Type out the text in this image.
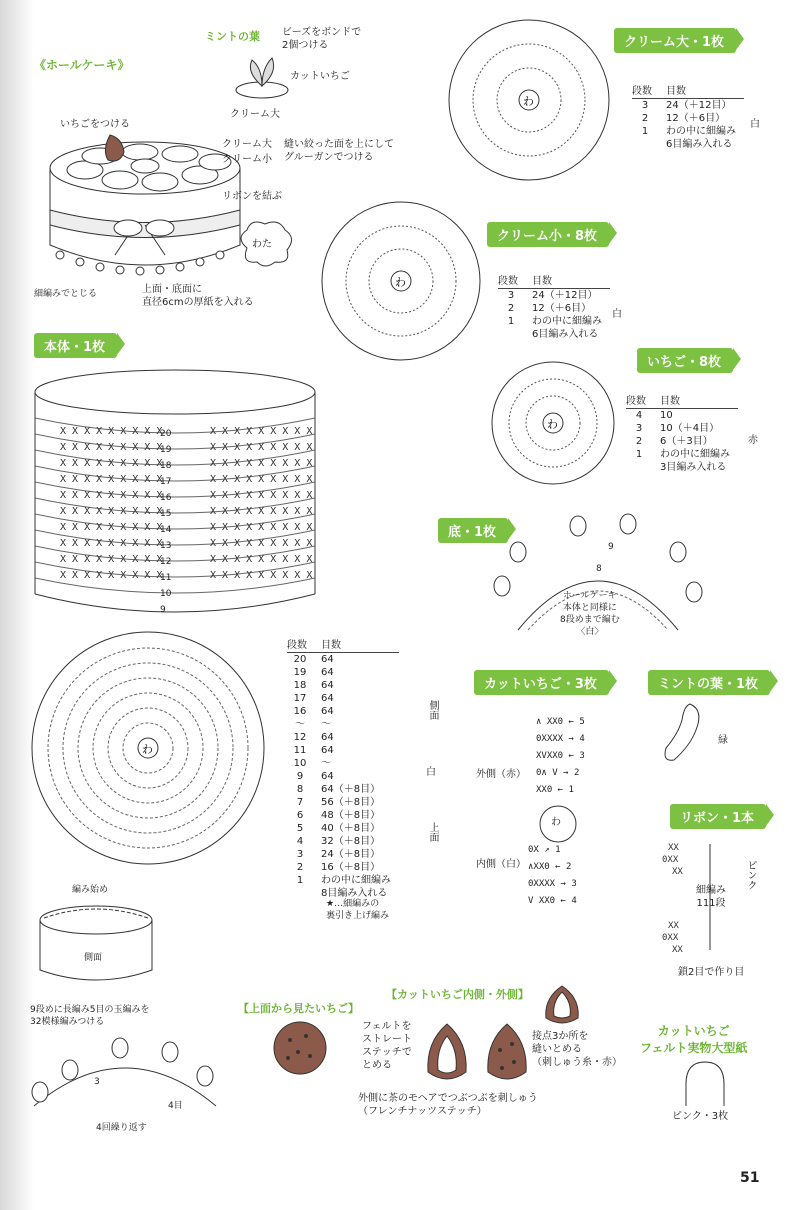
《ホールケーキ》
いちごをつける
クリーム大
クリーム小
縫い絞った面を上にして
グルーガンでつける
リボンを結ぶ
わた
細編みでとじる	上面・底面に
直径6cmの厚紙を入れる
ミントの葉 ビーズをボンドで
2個つける
カットいちご
クリーム大
わ
クリーム大・1枚
段数	目数
3	24（＋12目）
2	12（＋6目）
1	わの中に細編み
	6目編み入れる
白
わ
クリーム小・8枚
段数	目数
3	24（＋12目）
2	12（＋6目）
1	わの中に細編み
	6目編み入れる
白
わ
いちご・8枚
段数	目数
4	10
3	10（＋4目）
2	6（＋3目）
1	わの中に細編み
	3目編み入れる
赤
本体・1枚
X X X X X X X X X	X X X X X X X X X
X X X X X X X X X	X X X X X X X X X
X X X X X X X X X	X X X X X X X X X
X X X X X X X X X	X X X X X X X X X
X X X X X X X X X	X X X X X X X X X
X X X X X X X X X	X X X X X X X X X
X X X X X X X X X	X X X X X X X X X
X X X X X X X X X	X X X X X X X X X
X X X X X X X X X	X X X X X X X X X
X X X X X X X X X	X X X X X X X X X
20
19
18
17
16
15
14
13
12
11
10
9
わ
段数	目数
20	64
19	64
18	64
17	64
16	64
～	～
12	64
11	64
10	～
9	64
8	64（＋8目）
7	56（＋8目）
6	48（＋8目）
5	40（＋8目）
4	32（＋8目）
3	24（＋8目）
2	16（＋8目）
1	わの中に細編み
	8目編み入れる
★…細編みの
裏引き上げ編み
側面
上面
白
底・1枚
9
8
ホールケーキ
本体と同様に
8段めまで編む
〈白〉
カットいちご・3枚
外側（赤）
内側（白）
∧ XX0 ← 5
0XXXX → 4
XVXX0 ← 3
0∧ V → 2
XX0 ← 1
わ
0X ↗ 1
∧XX0 ← 2
0XXXX → 3
V XX0 ← 4
ミントの葉・1枚
緑
リボン・1本
XX
0XX
XX
XX
0XX
XX
細編み
111段
ピンク
鎖2目で作り目
編み始め
側面
9段めに長編み5目の玉編みを
32模様編みつける
3
4目
4回繰り返す
【上面から見たいちご】
【カットいちご内側・外側】
フェルトを
ストレート
ステッチで
とめる
接点3か所を
縫いとめる
（刺しゅう糸・赤）
外側に茶のモヘアでつぶつぶを刺しゅう
（フレンチナッツステッチ）
カットいちご
フェルト実物大型紙
ピンク・3枚
51
